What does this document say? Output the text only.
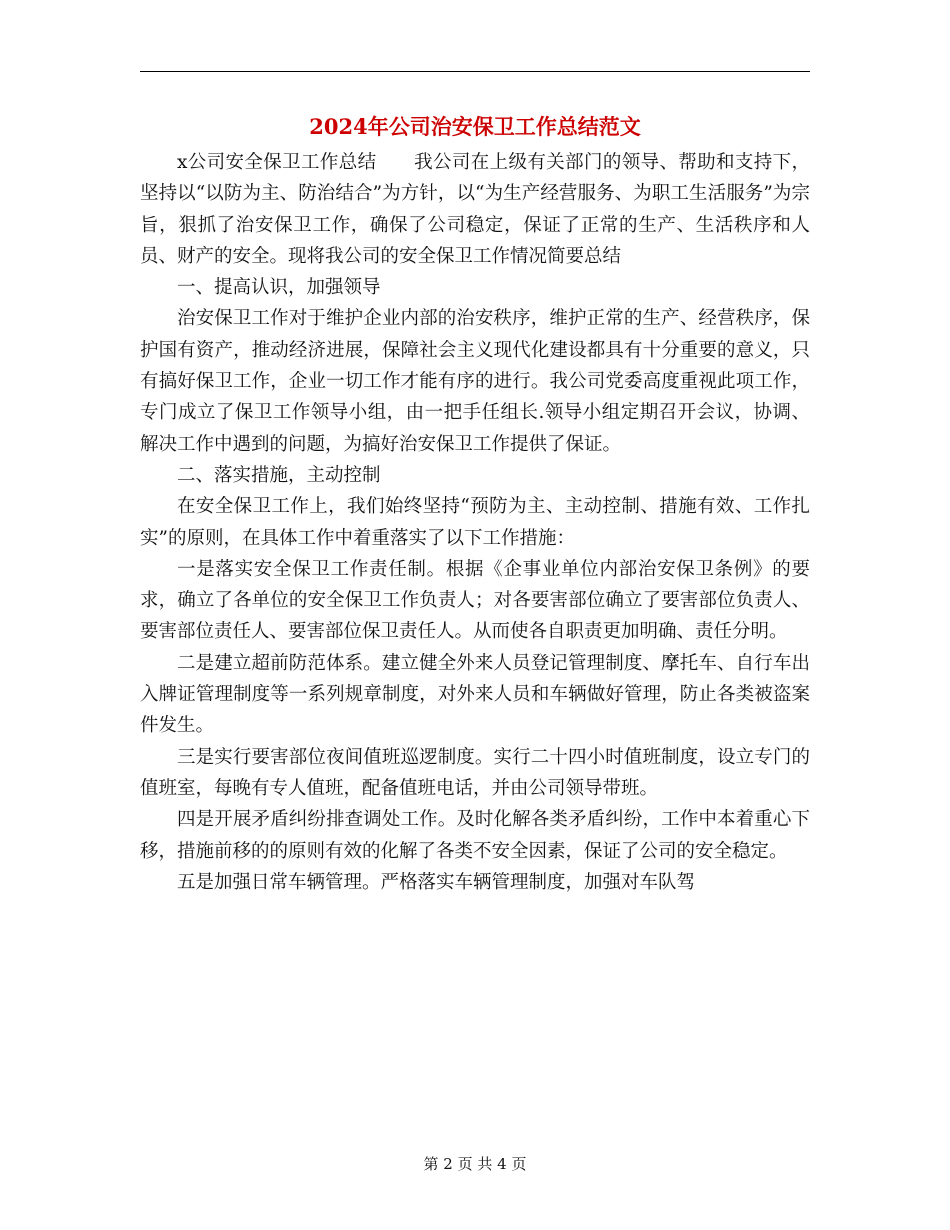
2024年公司治安保卫工作总结范文

x公司安全保卫工作总结　　我公司在上级有关部门的领导、帮助和支持下，坚持以“以防为主、防治结合”为方针，以“为生产经营服务、为职工生活服务”为宗旨，狠抓了治安保卫工作，确保了公司稳定，保证了正常的生产、生活秩序和人员、财产的安全。现将我公司的安全保卫工作情况简要总结

一、提高认识，加强领导

治安保卫工作对于维护企业内部的治安秩序，维护正常的生产、经营秩序，保护国有资产，推动经济进展，保障社会主义现代化建设都具有十分重要的意义，只有搞好保卫工作，企业一切工作才能有序的进行。我公司党委高度重视此项工作，专门成立了保卫工作领导小组，由一把手任组长.领导小组定期召开会议，协调、解决工作中遇到的问题，为搞好治安保卫工作提供了保证。

二、落实措施，主动控制

在安全保卫工作上，我们始终坚持“预防为主、主动控制、措施有效、工作扎实”的原则，在具体工作中着重落实了以下工作措施：

一是落实安全保卫工作责任制。根据《企事业单位内部治安保卫条例》的要求，确立了各单位的安全保卫工作负责人；对各要害部位确立了要害部位负责人、要害部位责任人、要害部位保卫责任人。从而使各自职责更加明确、责任分明。

二是建立超前防范体系。建立健全外来人员登记管理制度、摩托车、自行车出入牌证管理制度等一系列规章制度，对外来人员和车辆做好管理，防止各类被盗案件发生。

三是实行要害部位夜间值班巡逻制度。实行二十四小时值班制度，设立专门的值班室，每晚有专人值班，配备值班电话，并由公司领导带班。

四是开展矛盾纠纷排查调处工作。及时化解各类矛盾纠纷，工作中本着重心下移，措施前移的的原则有效的化解了各类不安全因素，保证了公司的安全稳定。

五是加强日常车辆管理。严格落实车辆管理制度，加强对车队驾

第 2 页 共 4 页
